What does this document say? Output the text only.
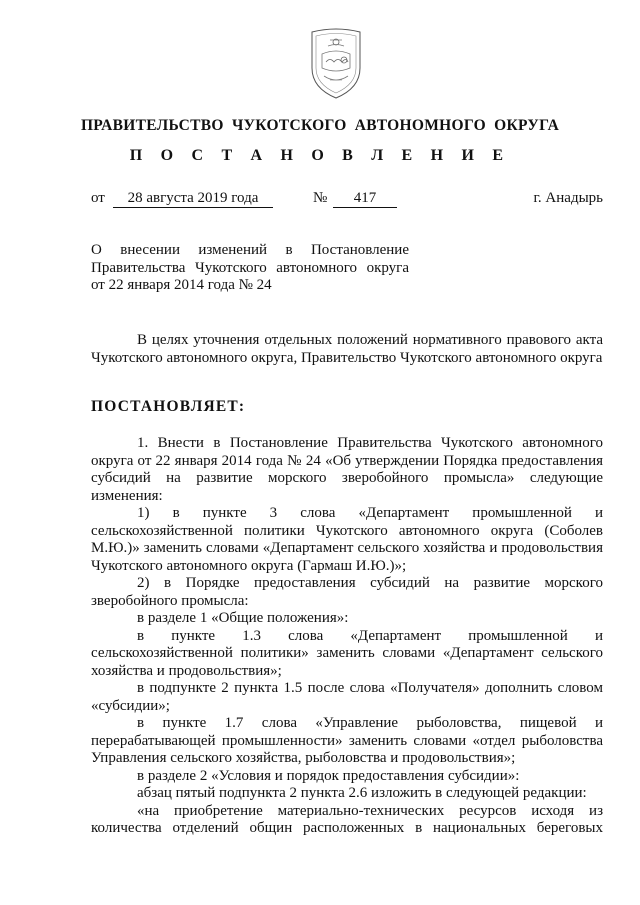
ПРАВИТЕЛЬСТВО ЧУКОТСКОГО АВТОНОМНОГО ОКРУГА
П О С Т А Н О В Л Е Н И Е
от	28 августа 2019 года	№	417	г. Анадырь

О внесении изменений в Постановление Правительства Чукотского автономного округа от 22 января 2014 года № 24

В целях уточнения отдельных положений нормативного правового акта Чукотского автономного округа, Правительство Чукотского автономного округа

ПОСТАНОВЛЯЕТ:

1. Внести в Постановление Правительства Чукотского автономного округа от 22 января 2014 года № 24 «Об утверждении Порядка предоставления субсидий на развитие морского зверобойного промысла» следующие изменения:

1) в пункте 3 слова «Департамент промышленной и сельскохозяйственной политики Чукотского автономного округа (Соболев М.Ю.)» заменить словами «Департамент сельского хозяйства и продовольствия Чукотского автономного округа (Гармаш И.Ю.)»;

2) в Порядке предоставления субсидий на развитие морского зверобойного промысла:

в разделе 1 «Общие положения»:

в пункте 1.3 слова «Департамент промышленной и сельскохозяйственной политики» заменить словами «Департамент сельского хозяйства и продовольствия»;

в подпункте 2 пункта 1.5 после слова «Получателя» дополнить словом «субсидии»;

в пункте 1.7 слова «Управление рыболовства, пищевой и перерабатывающей промышленности» заменить словами «отдел рыболовства Управления сельского хозяйства, рыболовства и продовольствия»;

в разделе 2 «Условия и порядок предоставления субсидии»:

абзац пятый подпункта 2 пункта 2.6 изложить в следующей редакции:

«на приобретение материально-технических ресурсов исходя из количества отделений общин расположенных в национальных береговых
